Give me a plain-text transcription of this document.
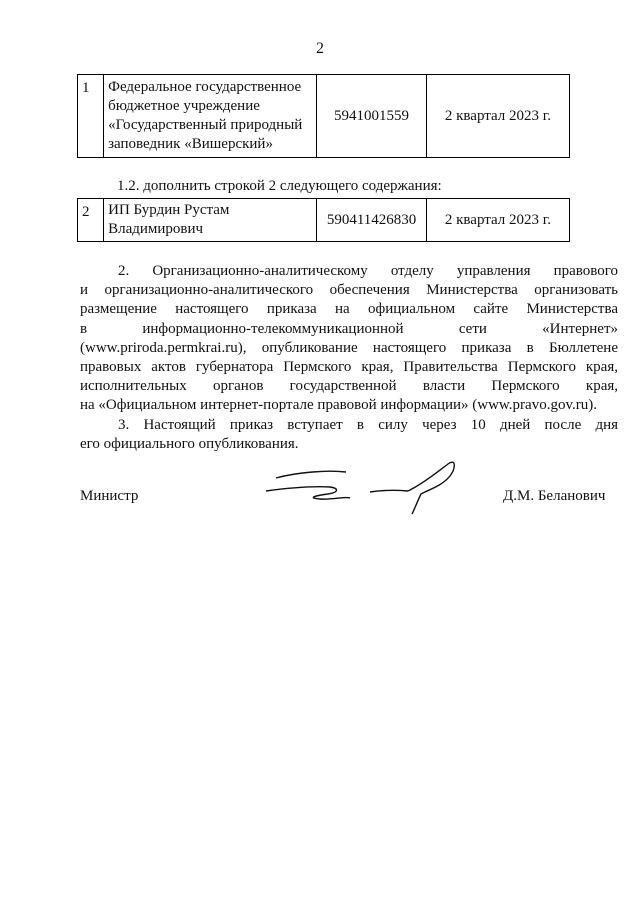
2
1	Федеральное государственное
бюджетное учреждение
«Государственный природный
заповедник «Вишерский»
	5941001559	2 квартал 2023 г.
1.2. дополнить строкой 2 следующего содержания:
2	ИП Бурдин Рустам
Владимирович
	590411426830	2 квартал 2023 г.
2. Организационно-аналитическому отделу управления правового
и организационно-аналитического обеспечения Министерства организовать
размещение настоящего приказа на официальном сайте Министерства
в информационно-телекоммуникационной сети «Интернет»
(www.priroda.permkrai.ru), опубликование настоящего приказа в Бюллетене
правовых актов губернатора Пермского края, Правительства Пермского края,
исполнительных органов государственной власти Пермского края,
на «Официальном интернет-портале правовой информации» (www.pravo.gov.ru).
3. Настоящий приказ вступает в силу через 10 дней после дня
его официального опубликования.
Министр	Д.М. Беланович
